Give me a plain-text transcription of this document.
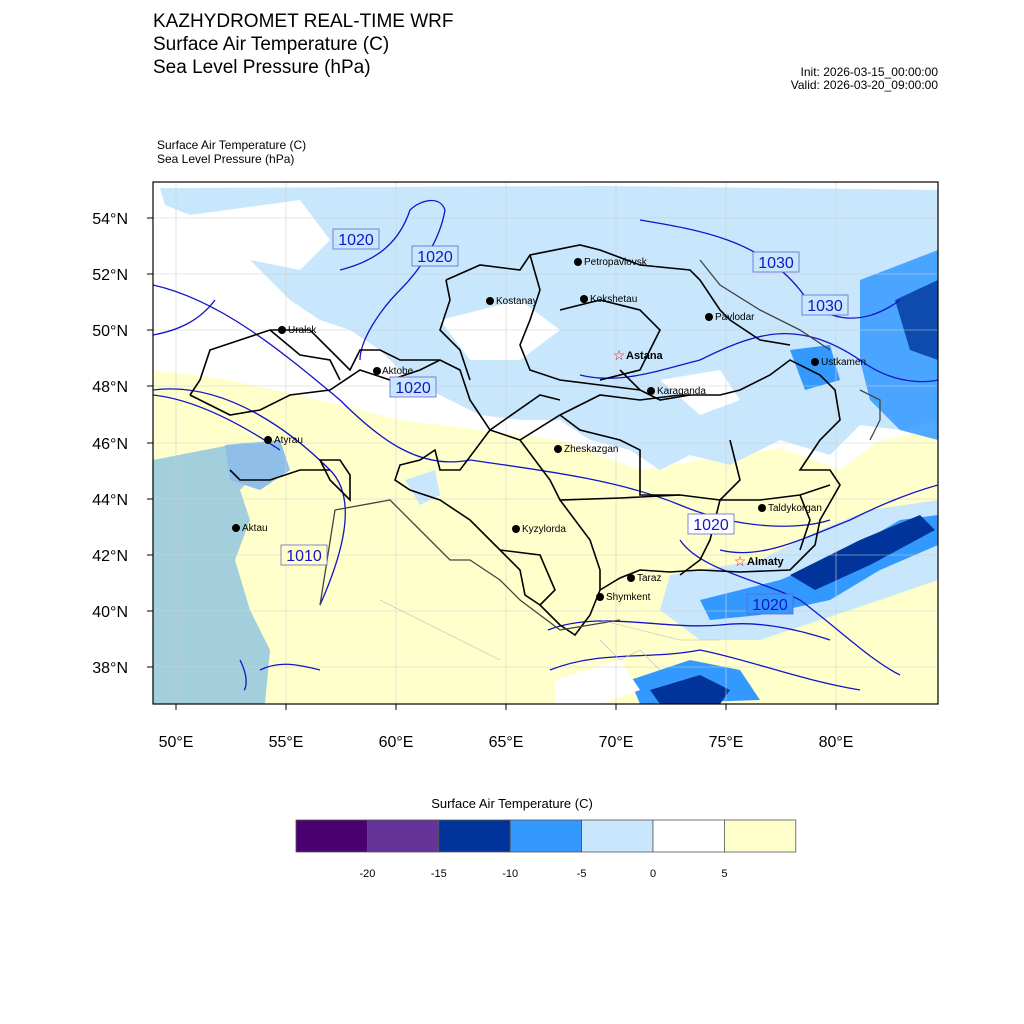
KAZHYDROMET REAL-TIME WRF
Surface Air Temperature (C)
Sea Level Pressure (hPa)	Init: 2026-03-15_00:00:00
Valid: 2026-03-20_09:00:00
Surface Air Temperature (C)
Sea Level Pressure (hPa)
54°N
52°N
50°N
48°N
46°N
44°N
42°N
40°N
38°N
50°E	55°E	60°E	65°E	70°E	75°E	80°E
1020
1020	1030
1030
1020
1020
1010
1020
Petropavlovsk
Kostanay	Kokshetau
Pavlodar
Uralsk
☆ Astana
Ustkamen
Aktobe
Karaganda
Atyrau
Zheskazgan
Taldykorgan
Aktau	Kyzylorda
☆ Almaty
Taraz
Shymkent
Surface Air Temperature (C)
-20	-15	-10	-5	0	5
